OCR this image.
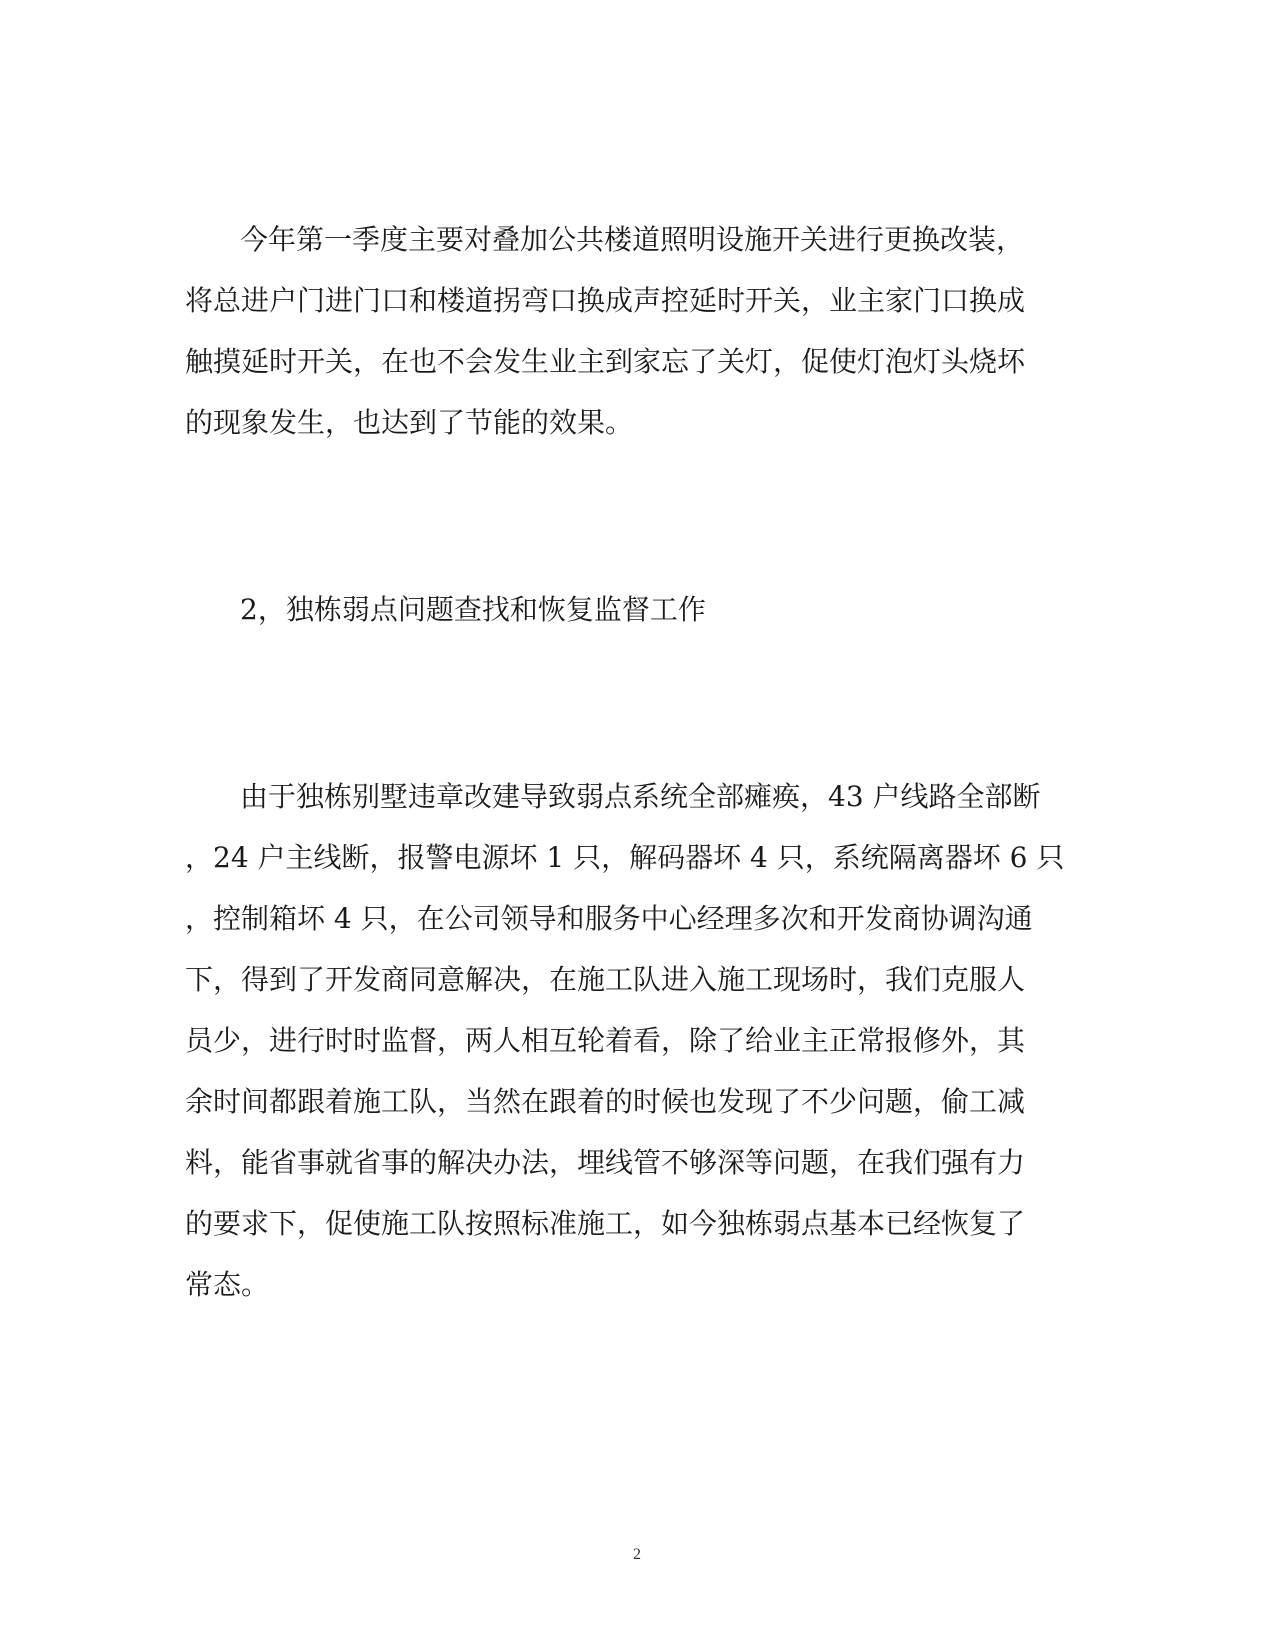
今年第一季度主要对叠加公共楼道照明设施开关进行更换改装，

将总进户门进门口和楼道拐弯口换成声控延时开关，业主家门口换成

触摸延时开关，在也不会发生业主到家忘了关灯，促使灯泡灯头烧坏

的现象发生，也达到了节能的效果。

2，独栋弱点问题查找和恢复监督工作

由于独栋别墅违章改建导致弱点系统全部瘫痪，43 户线路全部断

，24 户主线断，报警电源坏 1 只，解码器坏 4 只，系统隔离器坏 6 只

，控制箱坏 4 只，在公司领导和服务中心经理多次和开发商协调沟通

下，得到了开发商同意解决，在施工队进入施工现场时，我们克服人

员少，进行时时监督，两人相互轮着看，除了给业主正常报修外，其

余时间都跟着施工队，当然在跟着的时候也发现了不少问题，偷工减

料，能省事就省事的解决办法，埋线管不够深等问题，在我们强有力

的要求下，促使施工队按照标准施工，如今独栋弱点基本已经恢复了

常态。

2
